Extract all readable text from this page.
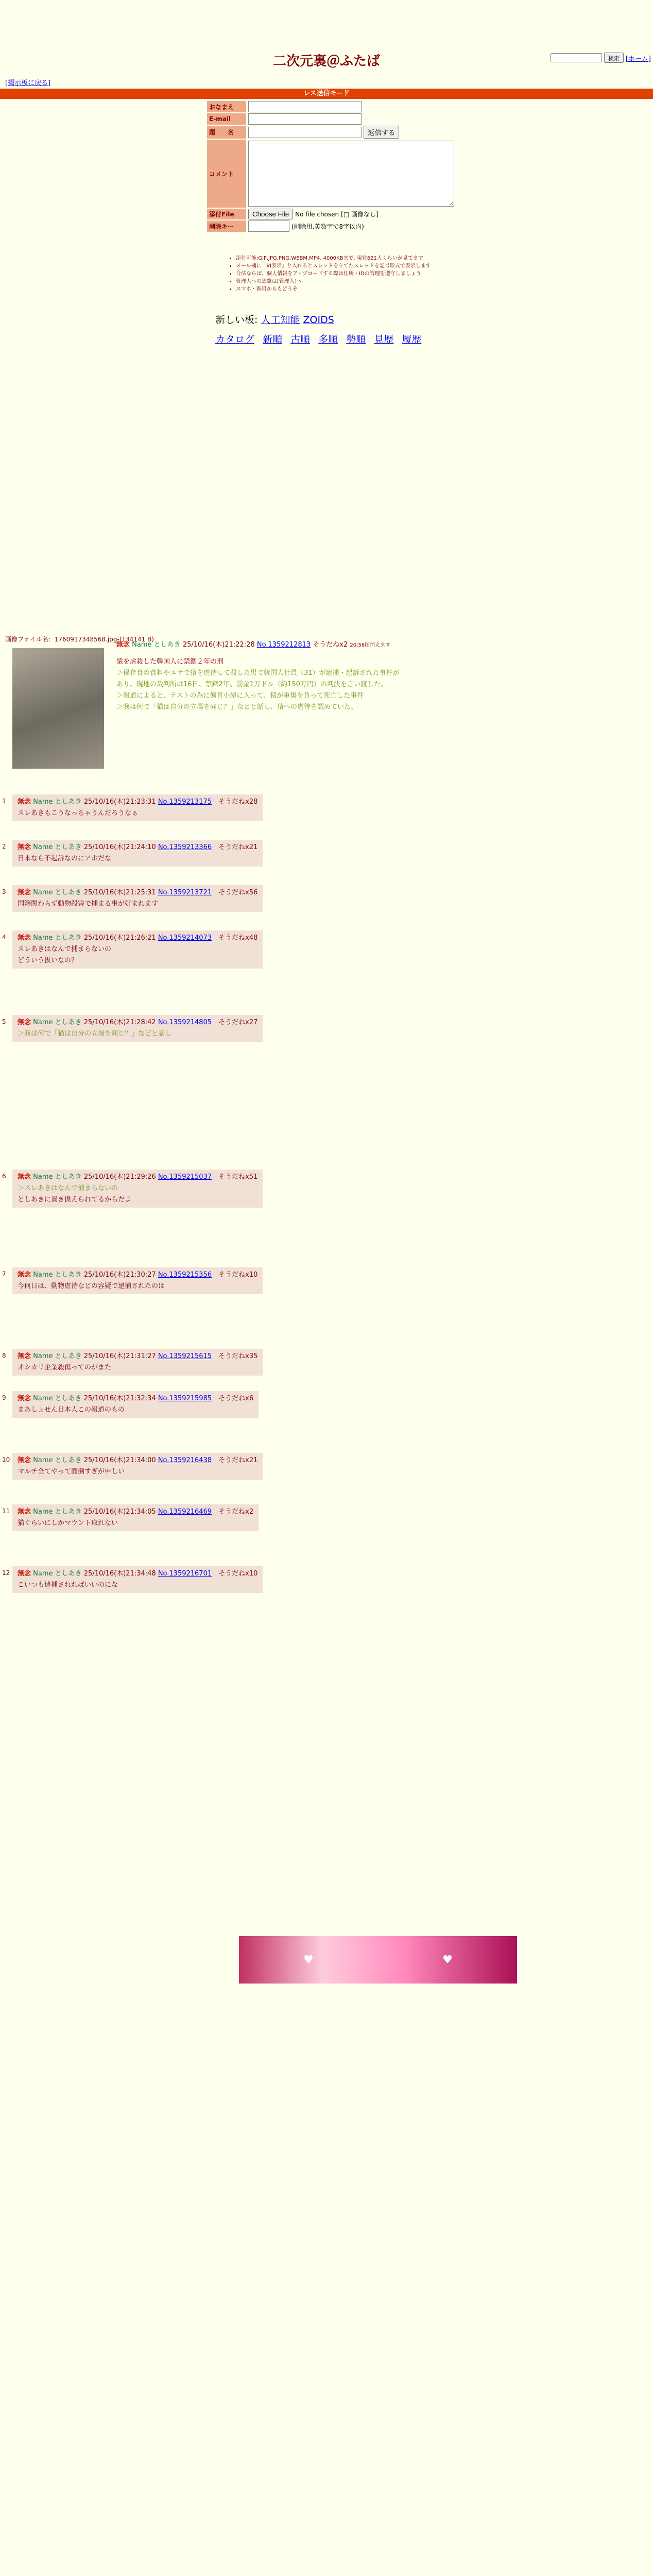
二次元裏＠ふたば	検索 [ホーム]
[掲示板に戻る]
レス送信モード
おなまえ
E-mail
題　　名	返信する
コメント
添付File	Choose File	No file chosen [□ 画像なし]
削除キー	(削除用.英数字で8字以内)
• 添付可能:GIF,JPG,PNG,WEBM,MP4. 4000KBまで. 現在621人くらいが見てます
• メール欄に「id表示」と入れるとスレッドを立てたスレッドを記号形式で表示します
• 合法ならば、個人情報をアップロードする際は住所・IDの管理を遵守しましょう
• 管理人への連絡は[管理人]へ
• スマホ・携帯からもどうぞ
新しい板: 人工知能 ZOIDS
カタログ 新順 古順 多順 勢順 見歴 履歴
画像ファイル名：1760917348568.jpg-(134141 B)
無念 Name としあき 25/10/16(木)21:22:28 No.1359212813 そうだねx2 20:58頃消えます
猿を虐殺した韓国人に禁錮２年の刑
＞保存食の食料やエサで猿を虐待して殺した男で韓国人社員（31）が逮捕・起訴された事件があり、現地の裁判所は16日、禁錮2年、罰金1万ドル（約150万円）の判決を言い渡した。
＞報道によると、テストの為に飼育小屋に入って、猿が重傷を負って死亡した事件
＞我は何で「猫は自分の立場を同じ？」などと話し、猿への虐待を認めていた。
1 無念 Name としあき 25/10/16(木)21:23:31 No.1359213175　そうだねx28
スレあきもこうなっちゃうんだろうなぁ
2 無念 Name としあき 25/10/16(木)21:24:10 No.1359213366　そうだねx21
日本なら不起訴なのにアホだな
3 無念 Name としあき 25/10/16(木)21:25:31 No.1359213721　そうだねx56
国籍関わらず動物殺害で捕まる事が好まれます
4 無念 Name としあき 25/10/16(木)21:26:21 No.1359214073　そうだねx48
スレあきはなんで捕まらないの
どういう扱いなの？
5 無念 Name としあき 25/10/16(木)21:28:42 No.1359214805　そうだねx27
＞我は何で「猫は自分の立場を同じ？」などと話し
6 無念 Name としあき 25/10/16(木)21:29:26 No.1359215037　そうだねx51
＞スレあきはなんで捕まらないの
としあきに置き換えられてるからだよ
7 無念 Name としあき 25/10/16(木)21:30:27 No.1359215356　そうだねx10
今何日は、動物虐待などの容疑で逮捕されたのは
8 無念 Name としあき 25/10/16(木)21:31:27 No.1359215615　そうだねx35
オシカリ企業殺傷ってのがまた
9 無念 Name としあき 25/10/16(木)21:32:34 No.1359215985　そうだねx6
まあしょせん日本人この報道のもの
10 無念 Name としあき 25/10/16(木)21:34:00 No.1359216438　そうだねx21
マルチ全てやって面倒すぎが申しい
11 無念 Name としあき 25/10/16(木)21:34:05 No.1359216469　そうだねx2
猫ぐらいにしかマウント取れない
12 無念 Name としあき 25/10/16(木)21:34:48 No.1359216701　そうだねx10
こいつも逮捕されればいいのにな
♥	♥
